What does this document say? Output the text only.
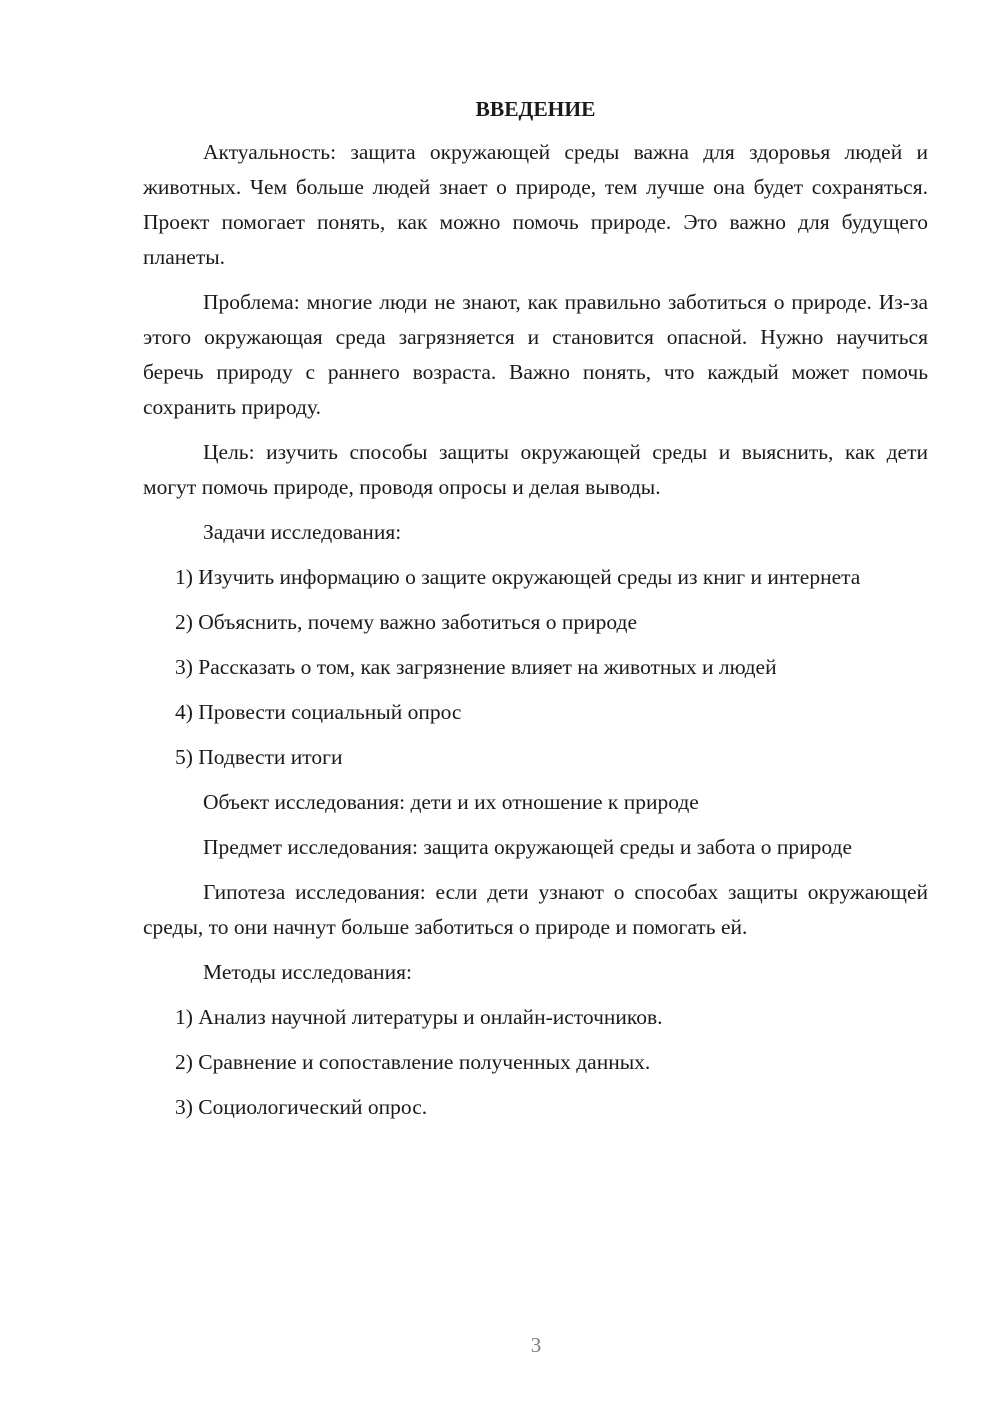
ВВЕДЕНИЕ

Актуальность: защита окружающей среды важна для здоровья людей и животных. Чем больше людей знает о природе, тем лучше она будет сохраняться. Проект помогает понять, как можно помочь природе. Это важно для будущего планеты.

Проблема: многие люди не знают, как правильно заботиться о природе. Из-за этого окружающая среда загрязняется и становится опасной. Нужно научиться беречь природу с раннего возраста. Важно понять, что каждый может помочь сохранить природу.

Цель: изучить способы защиты окружающей среды и выяснить, как дети могут помочь природе, проводя опросы и делая выводы.

Задачи исследования:

1) Изучить информацию о защите окружающей среды из книг и интернета

2) Объяснить, почему важно заботиться о природе

3) Рассказать о том, как загрязнение влияет на животных и людей

4) Провести социальный опрос

5) Подвести итоги

Объект исследования: дети и их отношение к природе

Предмет исследования: защита окружающей среды и забота о природе

Гипотеза исследования: если дети узнают о способах защиты окружающей среды, то они начнут больше заботиться о природе и помогать ей.

Методы исследования:

1) Анализ научной литературы и онлайн-источников.

2) Сравнение и сопоставление полученных данных.

3) Социологический опрос.

3
